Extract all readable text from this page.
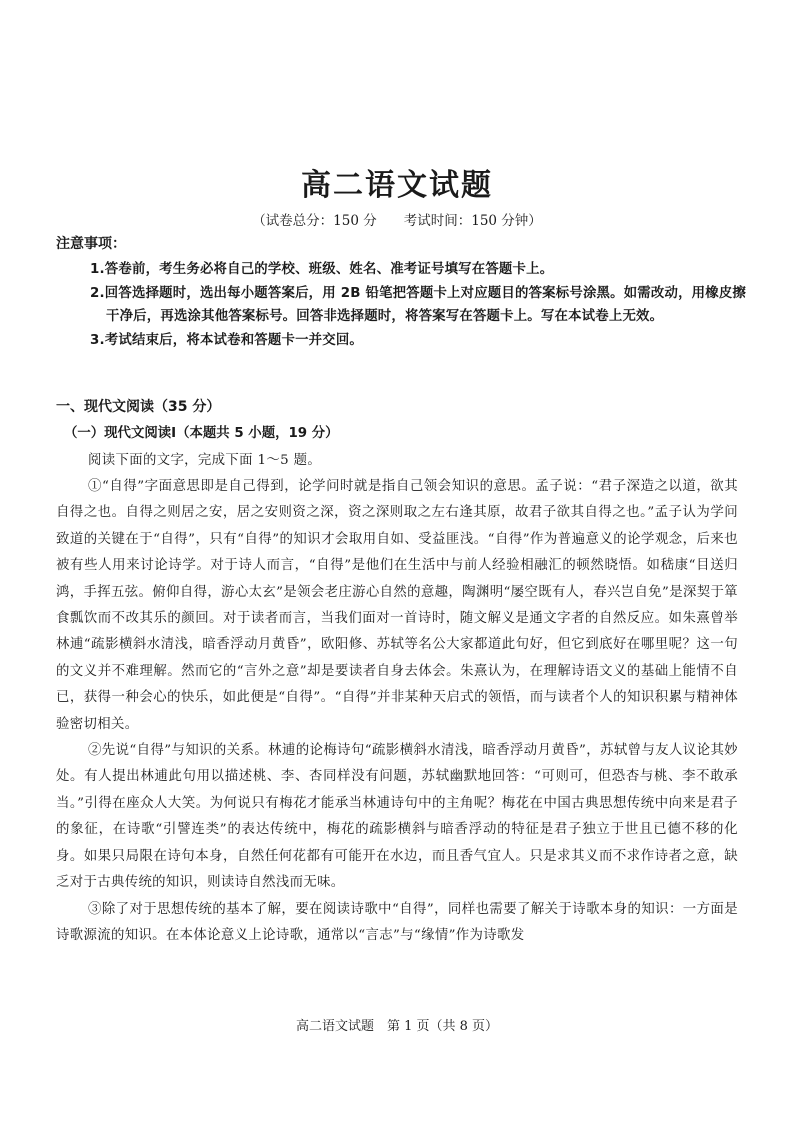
高二语文试题
（试卷总分：150 分　　考试时间：150 分钟）
注意事项：
1.答卷前，考生务必将自己的学校、班级、姓名、准考证号填写在答题卡上。
2.回答选择题时，选出每小题答案后，用 2B 铅笔把答题卡上对应题目的答案标号涂黑。如需改动，用橡皮擦干净后，再选涂其他答案标号。回答非选择题时，将答案写在答题卡上。写在本试卷上无效。
3.考试结束后，将本试卷和答题卡一并交回。
一、现代文阅读（35 分）
（一）现代文阅读Ⅰ（本题共 5 小题，19 分）

阅读下面的文字，完成下面 1～5 题。

①“自得”字面意思即是自己得到，论学问时就是指自己领会知识的意思。孟子说：“君子深造之以道，欲其自得之也。自得之则居之安，居之安则资之深，资之深则取之左右逢其原，故君子欲其自得之也。”孟子认为学问致道的关键在于“自得”，只有“自得”的知识才会取用自如、受益匪浅。“自得”作为普遍意义的论学观念，后来也被有些人用来讨论诗学。对于诗人而言，“自得”是他们在生活中与前人经验相融汇的顿然晓悟。如嵇康“目送归鸿，手挥五弦。俯仰自得，游心太玄”是领会老庄游心自然的意趣，陶渊明“屡空既有人，春兴岂自免”是深契于箪食瓢饮而不改其乐的颜回。对于读者而言，当我们面对一首诗时，随文解义是通文字者的自然反应。如朱熹曾举林逋“疏影横斜水清浅，暗香浮动月黄昏”，欧阳修、苏轼等名公大家都道此句好，但它到底好在哪里呢？这一句的文义并不难理解。然而它的“言外之意”却是要读者自身去体会。朱熹认为，在理解诗语文义的基础上能情不自已，获得一种会心的快乐，如此便是“自得”。“自得”并非某种天启式的领悟，而与读者个人的知识积累与精神体验密切相关。

②先说“自得”与知识的关系。林逋的论梅诗句“疏影横斜水清浅，暗香浮动月黄昏”，苏轼曾与友人议论其妙处。有人提出林逋此句用以描述桃、李、杏同样没有问题，苏轼幽默地回答：“可则可，但恐杏与桃、李不敢承当。”引得在座众人大笑。为何说只有梅花才能承当林逋诗句中的主角呢？梅花在中国古典思想传统中向来是君子的象征，在诗歌“引譬连类”的表达传统中，梅花的疏影横斜与暗香浮动的特征是君子独立于世且已德不移的化身。如果只局限在诗句本身，自然任何花都有可能开在水边，而且香气宜人。只是求其义而不求作诗者之意，缺乏对于古典传统的知识，则读诗自然浅而无味。

③除了对于思想传统的基本了解，要在阅读诗歌中“自得”，同样也需要了解关于诗歌本身的知识：一方面是诗歌源流的知识。在本体论意义上论诗歌，通常以“言志”与“缘情”作为诗歌发

高二语文试题　第 1 页（共 8 页）
